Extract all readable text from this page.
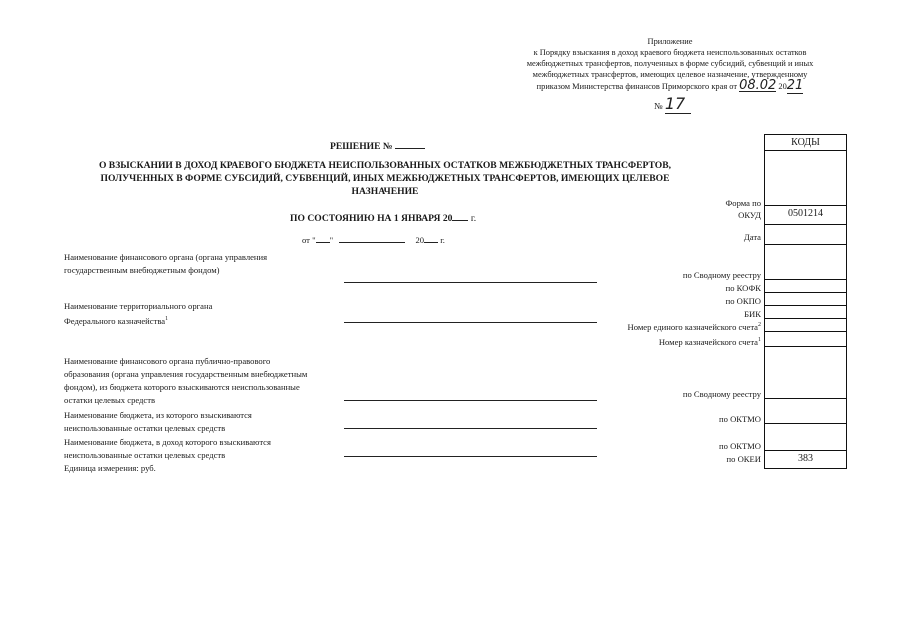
Приложение
к Порядку взыскания в доход краевого бюджета неиспользованных остатков
межбюджетных трансфертов, полученных в форме субсидий, субвенций и иных
межбюджетных трансфертов, имеющих целевое назначение, утвержденному
приказом Министерства финансов Приморского края от 08.02 2021
№ 17
РЕШЕНИЕ №
О ВЗЫСКАНИИ В ДОХОД КРАЕВОГО БЮДЖЕТА НЕИСПОЛЬЗОВАННЫХ ОСТАТКОВ МЕЖБЮДЖЕТНЫХ ТРАНСФЕРТОВ,
ПОЛУЧЕННЫХ В ФОРМЕ СУБСИДИЙ, СУБВЕНЦИЙ, ИНЫХ МЕЖБЮДЖЕТНЫХ ТРАНСФЕРТОВ, ИМЕЮЩИХ ЦЕЛЕВОЕ
НАЗНАЧЕНИЕ
ПО СОСТОЯНИЮ НА 1 ЯНВАРЯ 20 г.
от " "	20 г.
Наименование финансового органа (органа управления
государственным внебюджетным фондом)
Наименование территориального органа
Федерального казначейства$^1$
Наименование финансового органа публично-правового
образования (органа управления государственным внебюджетным
фондом), из бюджета которого взыскиваются неиспользованные
остатки целевых средств
Наименование бюджета, из которого взыскиваются
неиспользованные остатки целевых средств
Наименование бюджета, в доход которого взыскиваются
неиспользованные остатки целевых средств
Единица измерения: руб.
Форма по
ОКУД
Дата
по Сводному реестру
по КОФК
по ОКПО
БИК
Номер единого казначейского счета$^2$
Номер казначейского счета$^1$
по Сводному реестру
по ОКТМО
по ОКТМО
по ОКЕИ
КОДЫ
0501214
383
